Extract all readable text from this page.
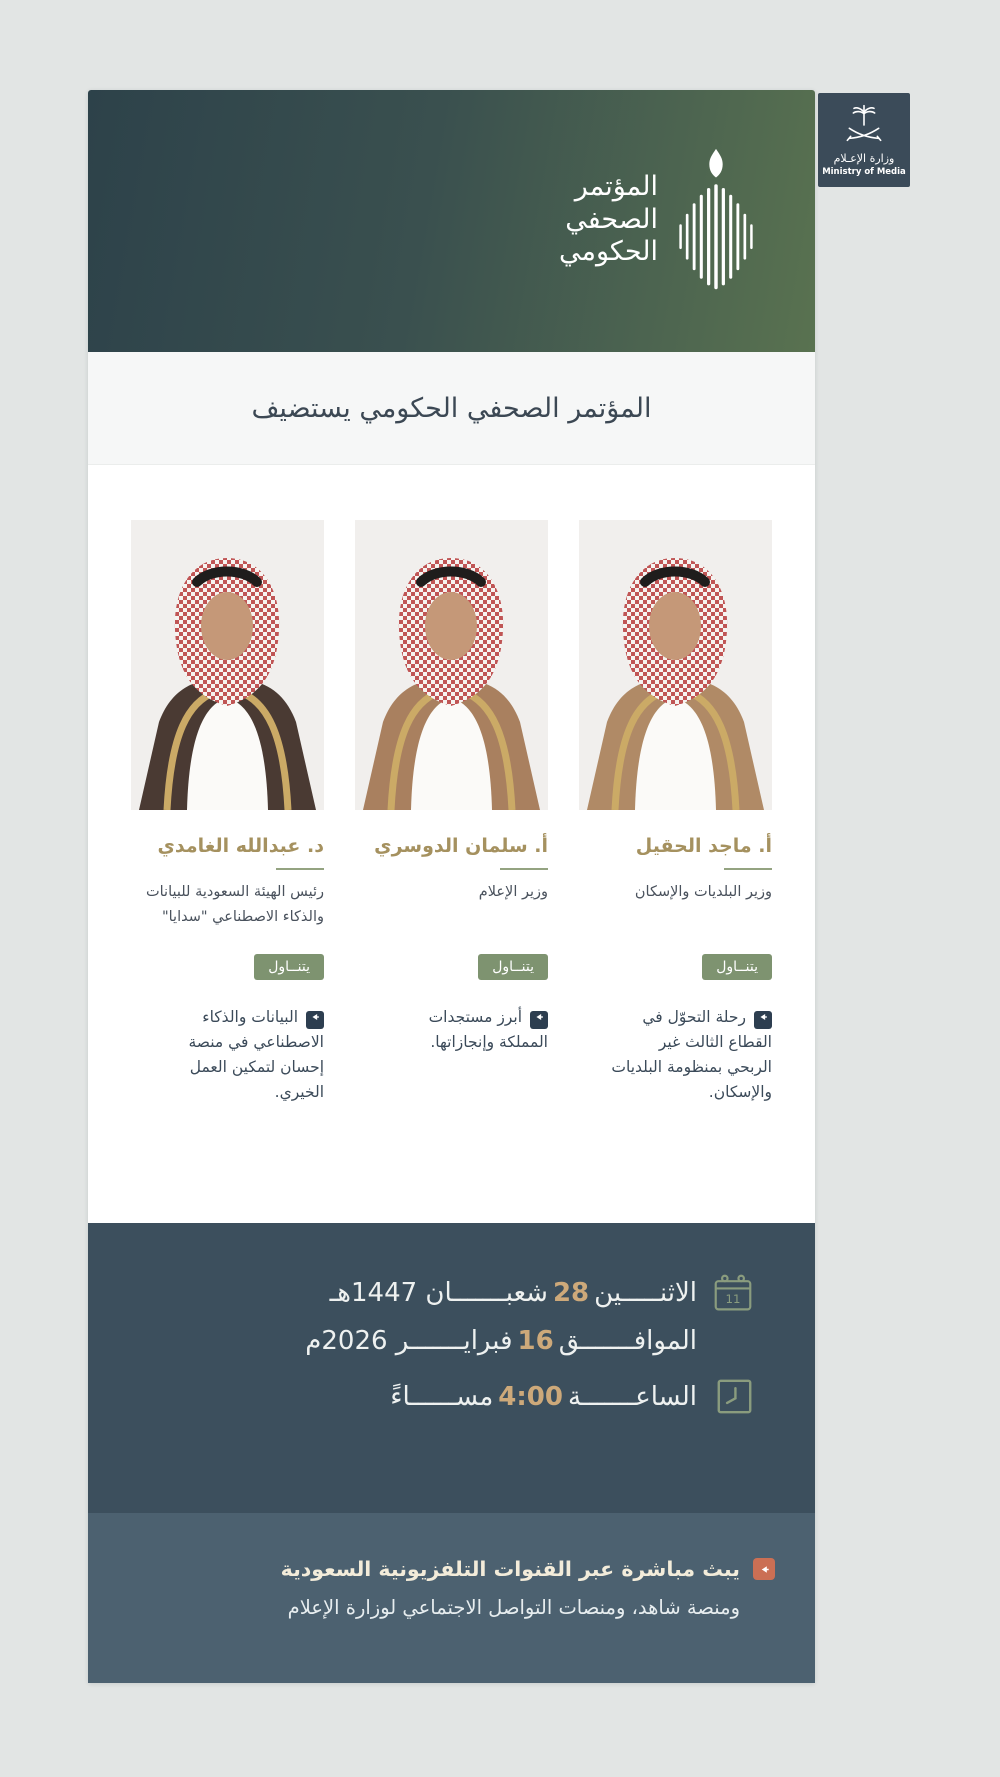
المؤتمر
الصحفي
الحكومي
وزارة الإعـلام
Ministry of Media
المؤتمر الصحفي الحكومي يستضيف
أ. ماجد الحقيل
وزير البلديات والإسكان
يتنــاول
رحلة التحوّل في القطاع الثالث غير الربحي بمنظومة البلديات والإسكان.
أ. سلمان الدوسري
وزير الإعلام
يتنــاول
أبرز مستجدات المملكة وإنجازاتها.
د. عبدالله الغامدي
رئيس الهيئة السعودية للبيانات والذكاء الاصطناعي "سدايا"
يتنــاول
البيانات والذكاء الاصطناعي في منصة إحسان لتمكين العمل الخيري.
11
الاثنـــــين28شعبـــــــان 1447هـ
الموافـــــــق16فبرايـــــــر 2026م
الساعـــــــة4:00مســــــاءً
يبث مباشرة عبر القنوات التلفزيونية السعودية
ومنصة شاهد، ومنصات التواصل الاجتماعي لوزارة الإعلام
